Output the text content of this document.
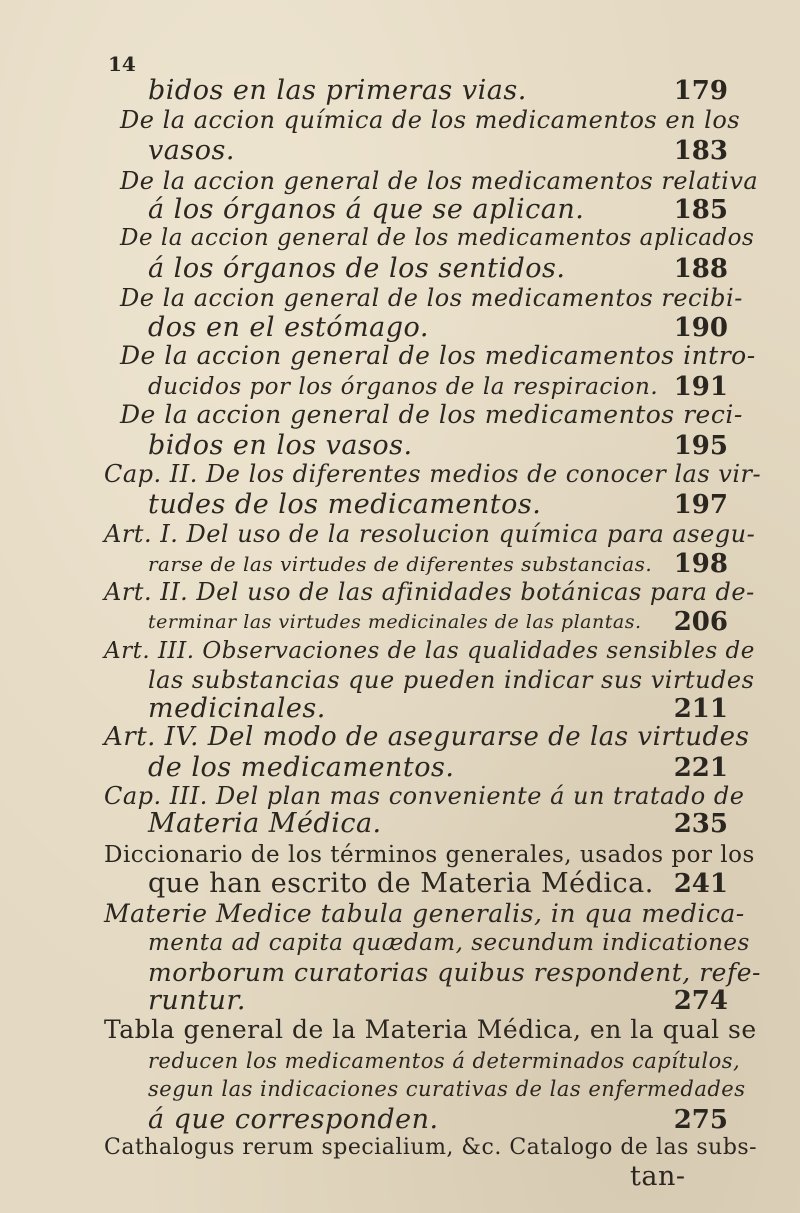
14
bidos en las primeras vias.	179
De la accion química de los medicamentos en los
vasos.	183
De la accion general de los medicamentos relativa
á los órganos á que se aplican.	185
De la accion general de los medicamentos aplicados
á los órganos de los sentidos.	188
De la accion general de los medicamentos recibi-
dos en el estómago.	190
De la accion general de los medicamentos intro-
ducidos por los órganos de la respiracion. 191
De la accion general de los medicamentos reci-
bidos en los vasos.	195
Cap. II. De los diferentes medios de conocer las vir-
tudes de los medicamentos.	197
Art. I. Del uso de la resolucion química para asegu-
rarse de las virtudes de diferentes substancias. 198
Art. II. Del uso de las afinidades botánicas para de-
terminar las virtudes medicinales de las plantas. 206
Art. III. Observaciones de las qualidades sensibles de
las substancias que pueden indicar sus virtudes
medicinales.	211
Art. IV. Del modo de asegurarse de las virtudes
de los medicamentos.	221
Cap. III. Del plan mas conveniente á un tratado de
Materia Médica.	235
Diccionario de los términos generales, usados por los
que han escrito de Materia Médica. 241
Materie Medice tabula generalis, in qua medica-
menta ad capita quædam, secundum indicationes
morborum curatorias quibus respondent, refe-
runtur.	274
Tabla general de la Materia Médica, en la qual se
reducen los medicamentos á determinados capítulos,
segun las indicaciones curativas de las enfermedades
á que corresponden.	275
Cathalogus rerum specialium, &c. Catalogo de las subs-
tan-
